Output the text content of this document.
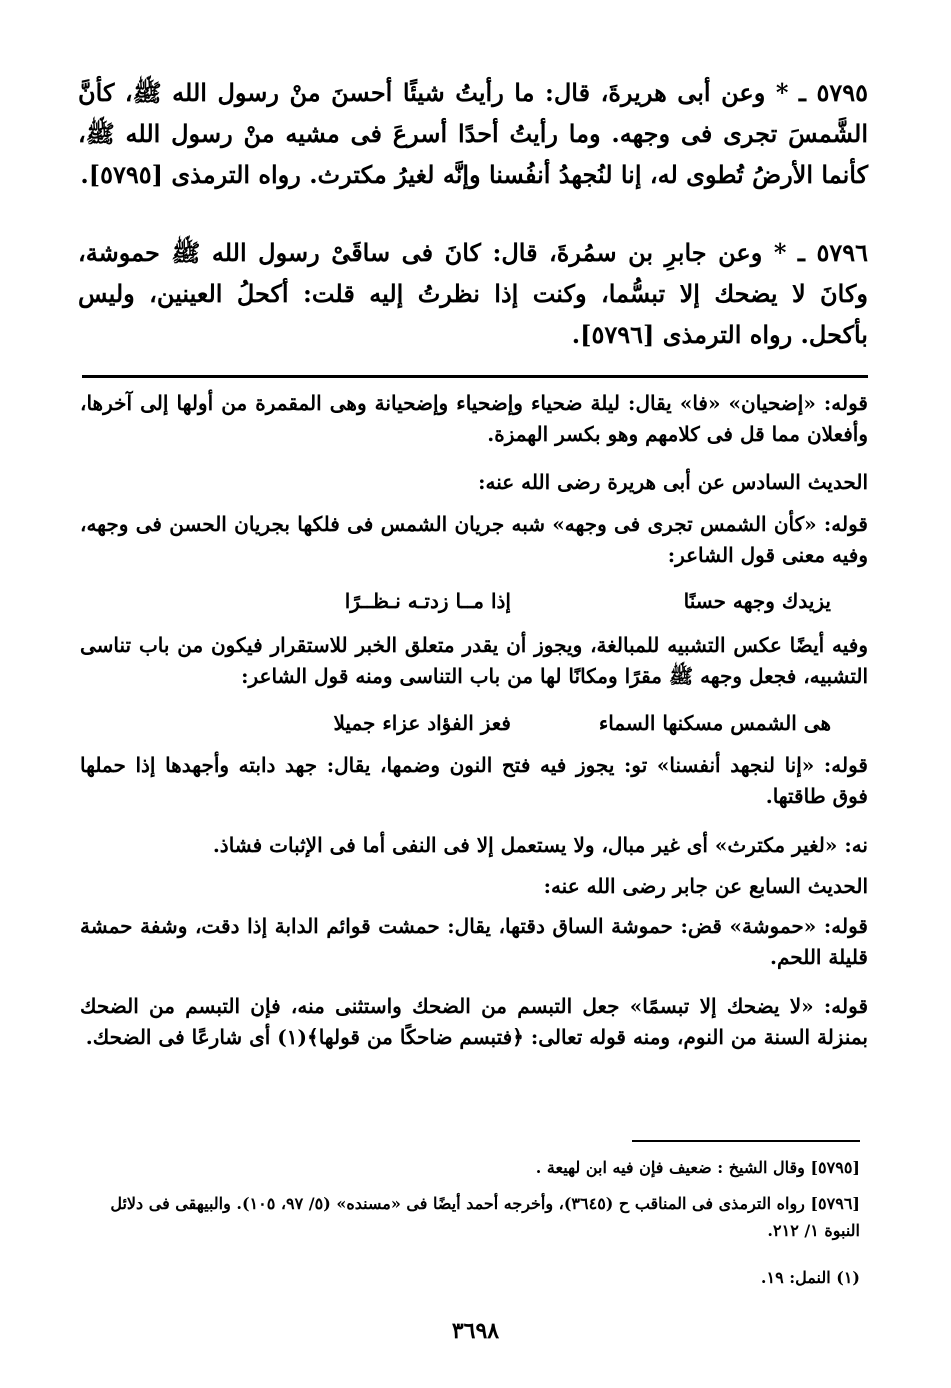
٥٧٩٥ ـ * وعن أبى هريرةَ، قال: ما رأيتُ شيئًا أحسنَ منْ رسول الله ﷺ، كأنَّ الشَّمسَ تجرى فى وجهه. وما رأيتُ أحدًا أسرعَ فى مشيه منْ رسول الله ﷺ، كأنما الأرضُ تُطوى له، إنا لنُجهدُ أنفُسنا وإنَّه لغيرُ مكترث. رواه الترمذى [٥٧٩٥].
٥٧٩٦ ـ * وعن جابرِ بن سمُرةَ، قال: كانَ فى ساقَىْ رسول الله ﷺ حموشة، وكانَ لا يضحك إلا تبسُّما، وكنت إذا نظرتُ إليه قلت: أكحلُ العينين، وليس بأكحل. رواه الترمذى [٥٧٩٦].
قوله: «إضحيان» «فا» يقال: ليلة ضحياء وإضحياء وإضحيانة وهى المقمرة من أولها إلى آخرها، وأفعلان مما قل فى كلامهم وهو بكسر الهمزة.
الحديث السادس عن أبى هريرة رضى الله عنه:
قوله: «كأن الشمس تجرى فى وجهه» شبه جريان الشمس فى فلكها بجريان الحسن فى وجهه، وفيه معنى قول الشاعر:
يزيدك وجهه حسنًا
إذا مــا زدتـه نـظــرًا
وفيه أيضًا عكس التشبيه للمبالغة، ويجوز أن يقدر متعلق الخبر للاستقرار فيكون من باب تناسى التشبيه، فجعل وجهه ﷺ مقرًا ومكانًا لها من باب التناسى ومنه قول الشاعر:
هى الشمس مسكنها السماء
فعز الفؤاد عزاء جميلا
قوله: «إنا لنجهد أنفسنا» تو: يجوز فيه فتح النون وضمها، يقال: جهد دابته وأجهدها إذا حملها فوق طاقتها.
نه: «لغير مكترث» أى غير مبال، ولا يستعمل إلا فى النفى أما فى الإثبات فشاذ.
الحديث السابع عن جابر رضى الله عنه:
قوله: «حموشة» قض: حموشة الساق دقتها، يقال: حمشت قوائم الدابة إذا دقت، وشفة حمشة قليلة اللحم.
قوله: «لا يضحك إلا تبسمًا» جعل التبسم من الضحك واستثنى منه، فإن التبسم من الضحك بمنزلة السنة من النوم، ومنه قوله تعالى: ﴿فتبسم ضاحكًا من قولها﴾(١) أى شارعًا فى الضحك.
[٥٧٩٥] وقال الشيخ : ضعيف فإن فيه ابن لهيعة .
[٥٧٩٦] رواه الترمذى فى المناقب ح (٣٦٤٥)، وأخرجه أحمد أيضًا فى «مسنده» (٥/ ٩٧، ١٠٥). والبيهقى فى دلائل النبوة ١/ ٢١٢.
(١) النمل: ١٩.
٣٦٩٨
